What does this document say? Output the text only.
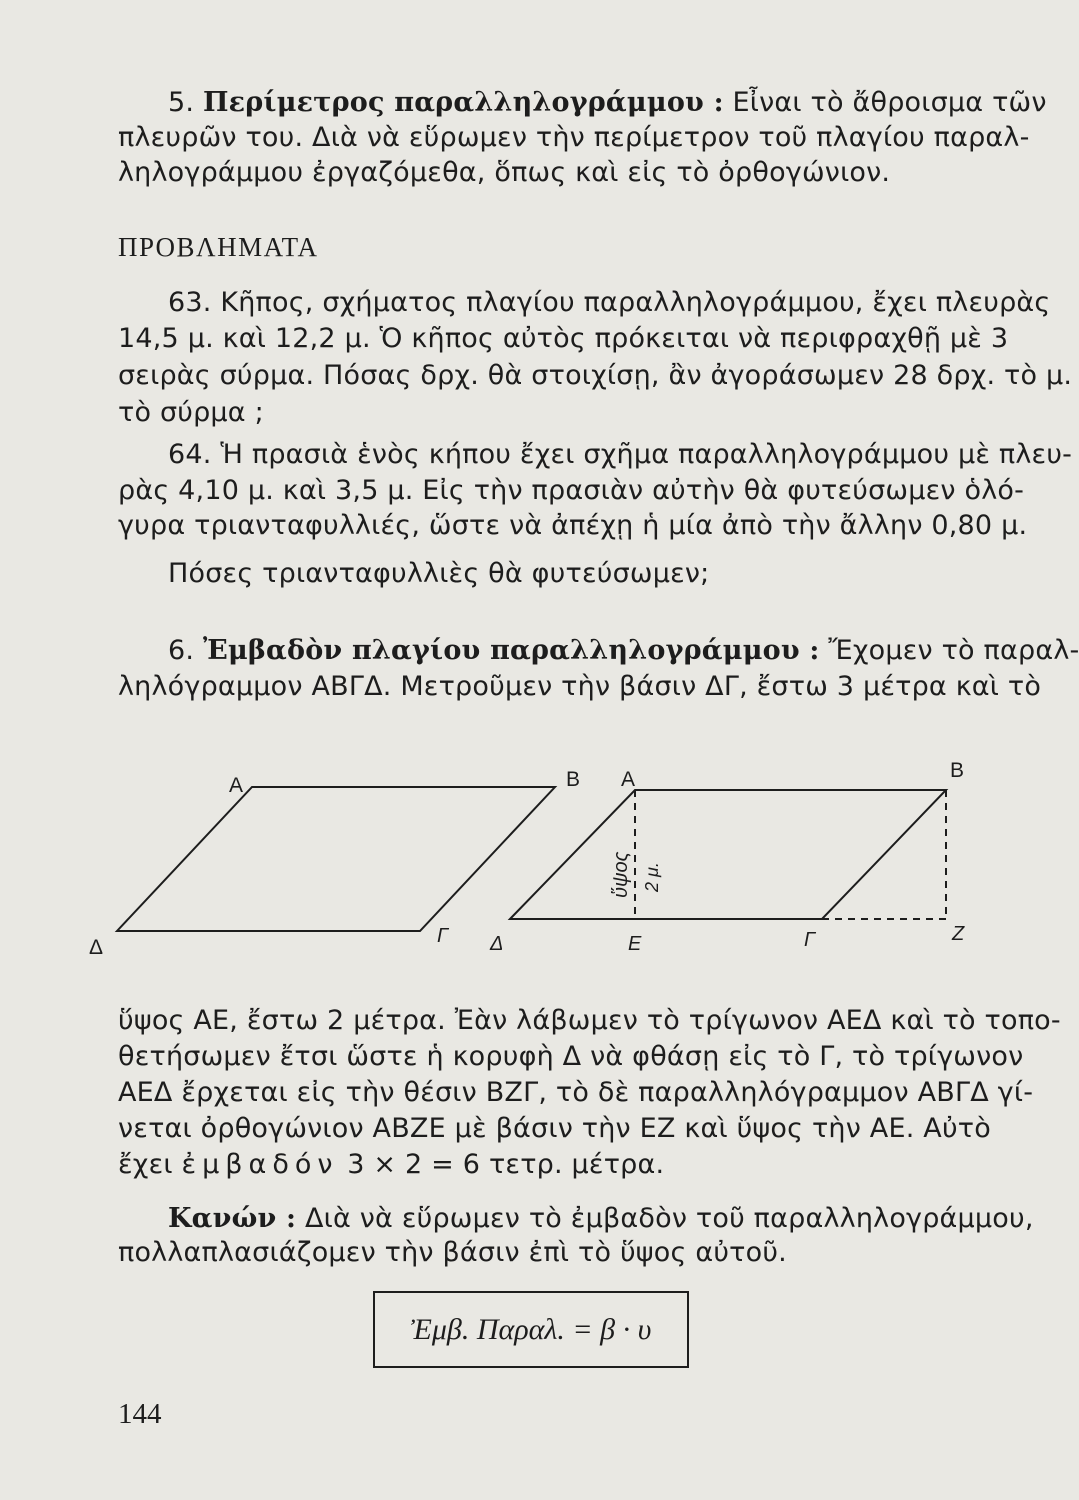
5. Περίμετρος παραλληλογράμμου : Εἶναι τὸ ἄθροισμα τῶν
πλευρῶν του. Διὰ νὰ εὕρωμεν τὴν περίμετρον τοῦ πλαγίου παραλ-
ληλογράμμου ἐργαζόμεθα, ὅπως καὶ εἰς τὸ ὀρθογώνιον.
ΠΡΟΒΛΗΜΑΤΑ
63. Κῆπος, σχήματος πλαγίου παραλληλογράμμου, ἔχει πλευρὰς
14,5 μ. καὶ 12,2 μ. Ὁ κῆπος αὐτὸς πρόκειται νὰ περιφραχθῇ μὲ 3
σειρὰς σύρμα. Πόσας δρχ. θὰ στοιχίσῃ, ἂν ἀγοράσωμεν 28 δρχ. τὸ μ.
τὸ σύρμα ;
64. Ἡ πρασιὰ ἑνὸς κήπου ἔχει σχῆμα παραλληλογράμμου μὲ πλευ-
ρὰς 4,10 μ. καὶ 3,5 μ. Εἰς τὴν πρασιὰν αὐτὴν θὰ φυτεύσωμεν ὁλό-
γυρα τριανταφυλλιές, ὥστε νὰ ἀπέχῃ ἡ μία ἀπὸ τὴν ἄλλην 0,80 μ.
Πόσες τριανταφυλλιὲς θὰ φυτεύσωμεν;
6. Ἐμβαδὸν πλαγίου παραλληλογράμμου : Ἔχομεν τὸ παραλ-
ληλόγραμμον ΑΒΓΔ. Μετροῦμεν τὴν βάσιν ΔΓ, ἔστω 3 μέτρα καὶ τὸ
Α	Β
Δ	Γ
Α	Β
Δ	Ε	Γ	Ζ
ὕψος 2 μ.
ὕψος ΑΕ, ἔστω 2 μέτρα. Ἐὰν λάβωμεν τὸ τρίγωνον ΑΕΔ καὶ τὸ τοπο-
θετήσωμεν ἔτσι ὥστε ἡ κορυφὴ Δ νὰ φθάσῃ εἰς τὸ Γ, τὸ τρίγωνον
ΑΕΔ ἔρχεται εἰς τὴν θέσιν ΒΖΓ, τὸ δὲ παραλληλόγραμμον ΑΒΓΔ γί-
νεται ὀρθογώνιον ΑΒΖΕ μὲ βάσιν τὴν ΕΖ καὶ ὕψος τὴν ΑΕ. Αὐτὸ
ἔχει ἐμβαδόν 3 × 2 = 6 τετρ. μέτρα.
Κανών : Διὰ νὰ εὕρωμεν τὸ ἐμβαδὸν τοῦ παραλληλογράμμου,
πολλαπλασιάζομεν τὴν βάσιν ἐπὶ τὸ ὕψος αὐτοῦ.
Ἐμβ. Παραλ. = β · υ
144
